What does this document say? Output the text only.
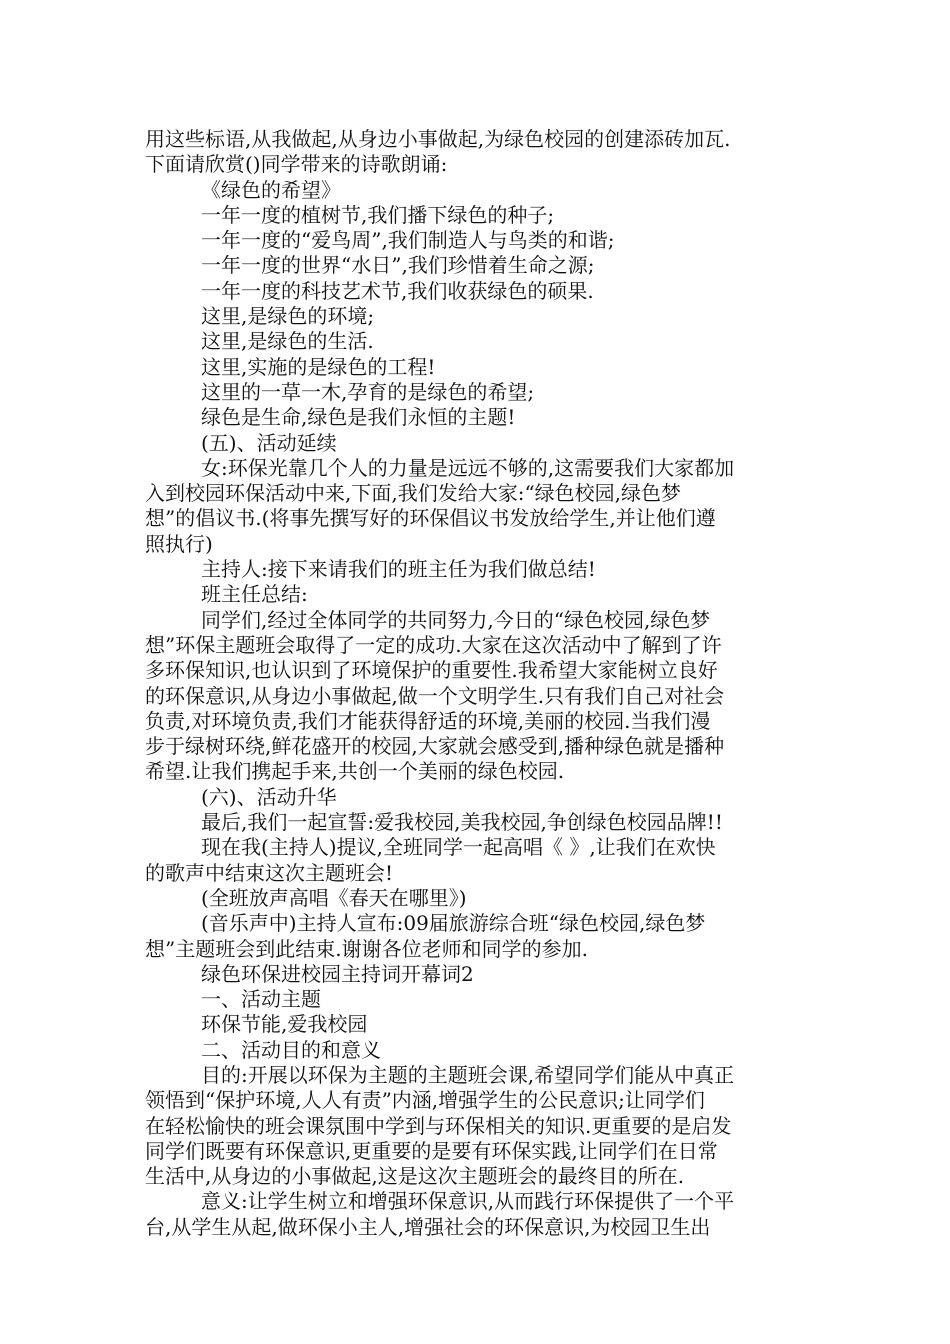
用这些标语,从我做起,从身边小事做起,为绿色校园的创建添砖加瓦.
下面请欣赏()同学带来的诗歌朗诵:
《绿色的希望》
一年一度的植树节,我们播下绿色的种子;
一年一度的“爱鸟周”,我们制造人与鸟类的和谐;
一年一度的世界“水日”,我们珍惜着生命之源;
一年一度的科技艺术节,我们收获绿色的硕果.
这里,是绿色的环境;
这里,是绿色的生活.
这里,实施的是绿色的工程!
这里的一草一木,孕育的是绿色的希望;
绿色是生命,绿色是我们永恒的主题!
(五)、活动延续
女:环保光靠几个人的力量是远远不够的,这需要我们大家都加
入到校园环保活动中来,下面,我们发给大家:“绿色校园,绿色梦
想”的倡议书.(将事先撰写好的环保倡议书发放给学生,并让他们遵
照执行)
主持人:接下来请我们的班主任为我们做总结!
班主任总结:
同学们,经过全体同学的共同努力,今日的“绿色校园,绿色梦
想”环保主题班会取得了一定的成功.大家在这次活动中了解到了许
多环保知识,也认识到了环境保护的重要性.我希望大家能树立良好
的环保意识,从身边小事做起,做一个文明学生.只有我们自己对社会
负责,对环境负责,我们才能获得舒适的环境,美丽的校园.当我们漫
步于绿树环绕,鲜花盛开的校园,大家就会感受到,播种绿色就是播种
希望.让我们携起手来,共创一个美丽的绿色校园.
(六)、活动升华
最后,我们一起宣誓:爱我校园,美我校园,争创绿色校园品牌!!
现在我(主持人)提议,全班同学一起高唱《 》,让我们在欢快
的歌声中结束这次主题班会!
(全班放声高唱《春天在哪里》)
(音乐声中)主持人宣布:09届旅游综合班“绿色校园,绿色梦
想”主题班会到此结束.谢谢各位老师和同学的参加.
绿色环保进校园主持词开幕词2
一、活动主题
环保节能,爱我校园
二、活动目的和意义
目的:开展以环保为主题的主题班会课,希望同学们能从中真正
领悟到“保护环境,人人有责”内涵,增强学生的公民意识;让同学们
在轻松愉快的班会课氛围中学到与环保相关的知识.更重要的是启发
同学们既要有环保意识,更重要的是要有环保实践,让同学们在日常
生活中,从身边的小事做起,这是这次主题班会的最终目的所在.
意义:让学生树立和增强环保意识,从而践行环保提供了一个平
台,从学生从起,做环保小主人,增强社会的环保意识,为校园卫生出
